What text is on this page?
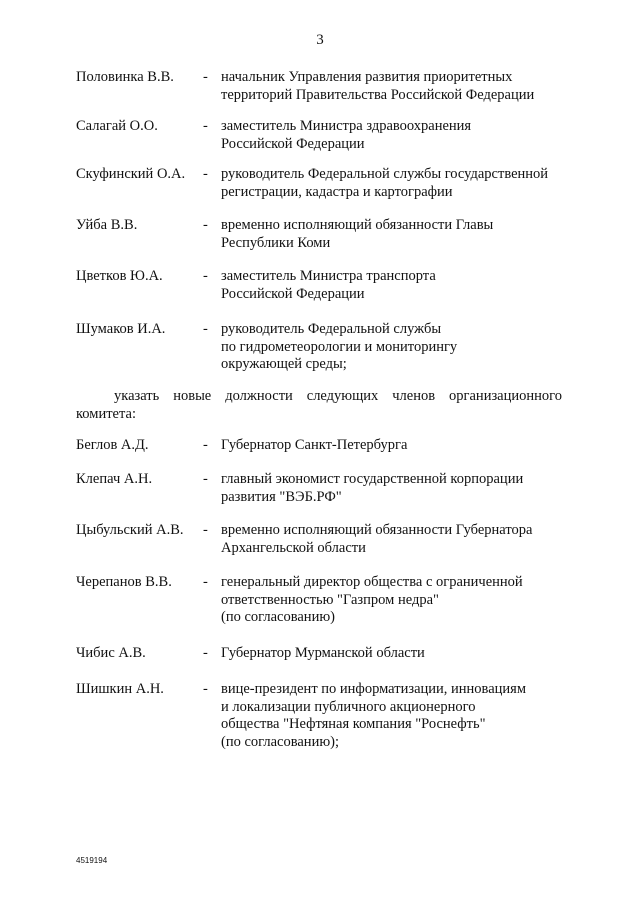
3
Половинка В.В. - начальник Управления развития приоритетных
территорий Правительства Российской Федерации
Салагай О.О.	- заместитель Министра здравоохранения
Российской Федерации
Скуфинский О.А. - руководитель Федеральной службы государственной
регистрации, кадастра и картографии
Уйба В.В.	- временно исполняющий обязанности Главы
Республики Коми
Цветков Ю.А.	- заместитель Министра транспорта
Российской Федерации
Шумаков И.А.	- руководитель Федеральной службы
по гидрометеорологии и мониторингу
окружающей среды;
указать новые должности следующих членов организационного
комитета:
Беглов А.Д.	- Губернатор Санкт-Петербурга
Клепач А.Н.	- главный экономист государственной корпорации
развития "ВЭБ.РФ"
Цыбульский А.В. - временно исполняющий обязанности Губернатора
Архангельской области
Черепанов В.В. - генеральный директор общества с ограниченной
ответственностью "Газпром недра"
(по согласованию)
Чибис А.В.	- Губернатор Мурманской области
Шишкин А.Н.	- вице-президент по информатизации, инновациям
и локализации публичного акционерного
общества "Нефтяная компания "Роснефть"
(по согласованию);
4519194
